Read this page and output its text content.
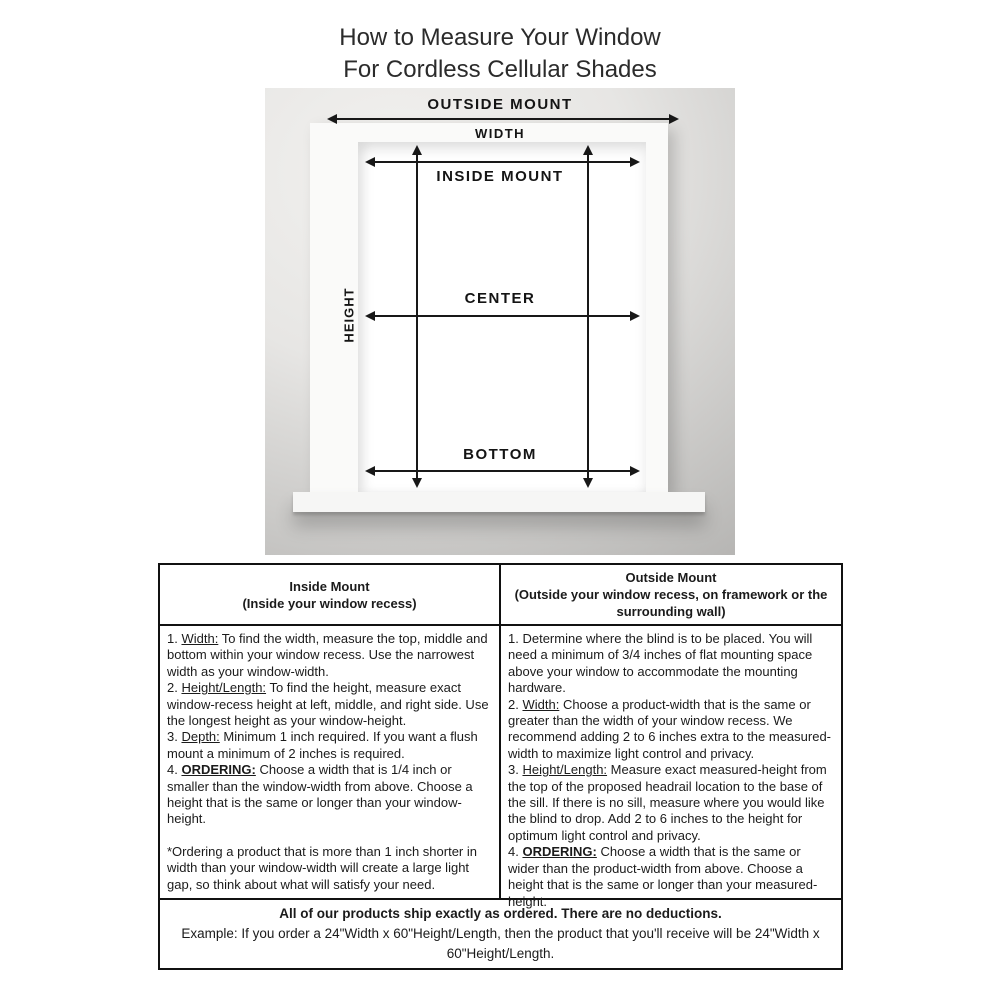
How to Measure Your Window
For Cordless Cellular Shades
OUTSIDE MOUNT
WIDTH
INSIDE MOUNT
HEIGHT	CENTER
BOTTOM
Inside Mount
(Inside your window recess)
Outside Mount
(Outside your window recess, on framework or the surrounding wall)

1. Width: To find the width, measure the top, middle and bottom within your window recess. Use the narrowest width as your window-width.

2. Height/Length: To find the height, measure exact window-recess height at left, middle, and right side. Use the longest height as your window-height.

3. Depth: Minimum 1 inch required. If you want a flush mount a minimum of 2 inches is required.

4. ORDERING: Choose a width that is 1/4 inch or smaller than the window-width from above. Choose a height that is the same or longer than your window-height.

*Ordering a product that is more than 1 inch shorter in width than your window-width will create a large light gap, so think about what will satisfy your need.

1. Determine where the blind is to be placed. You will need a minimum of 3/4 inches of flat mounting space above your window to accommodate the mounting hardware.

2. Width: Choose a product-width that is the same or greater than the width of your window recess. We recommend adding 2 to 6 inches extra to the measured-width to maximize light control and privacy.

3. Height/Length: Measure exact measured-height from the top of the proposed headrail location to the base of the sill. If there is no sill, measure where you would like the blind to drop. Add 2 to 6 inches to the height for optimum light control and privacy.

4. ORDERING: Choose a width that is the same or wider than the product-width from above. Choose a height that is the same or longer than your measured-height.

All of our products ship exactly as ordered. There are no deductions.
Example: If you order a 24"Width x 60"Height/Length, then the product that you'll receive will be 24"Width x 60"Height/Length.
